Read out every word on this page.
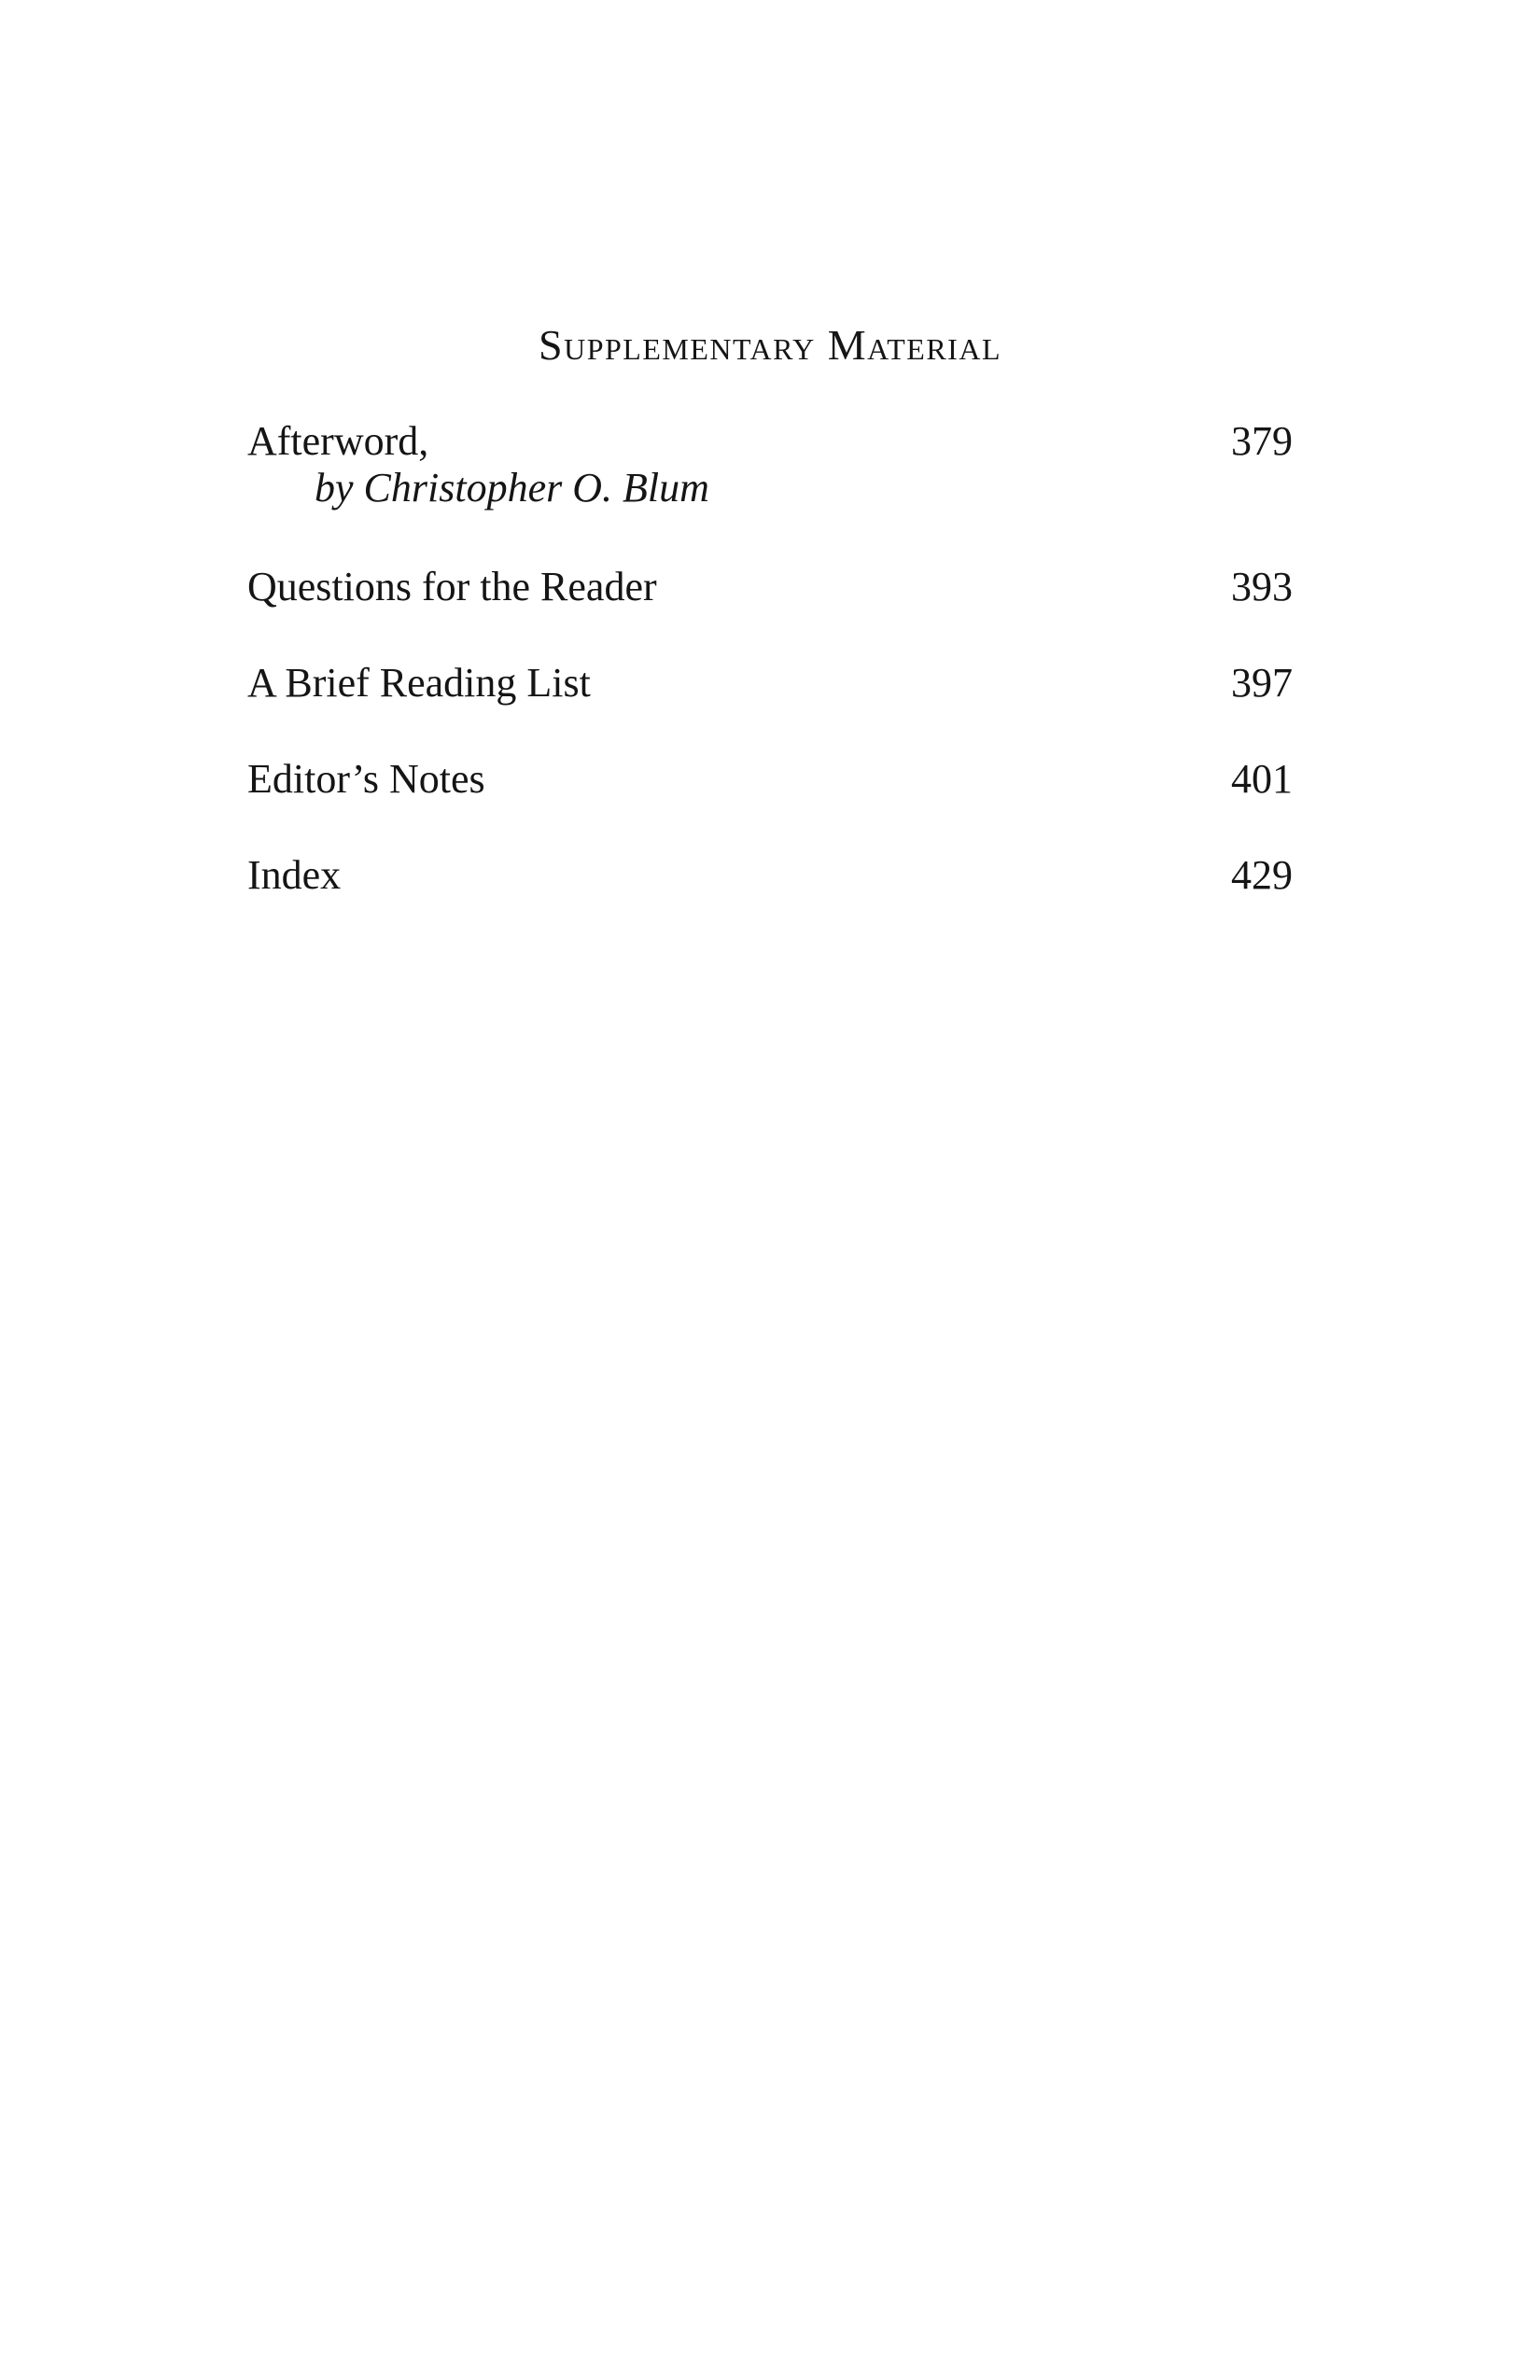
Supplementary Material
Afterword,	379
by Christopher O. Blum
Questions for the Reader	393
A Brief Reading List	397
Editor’s Notes	401
Index	429
